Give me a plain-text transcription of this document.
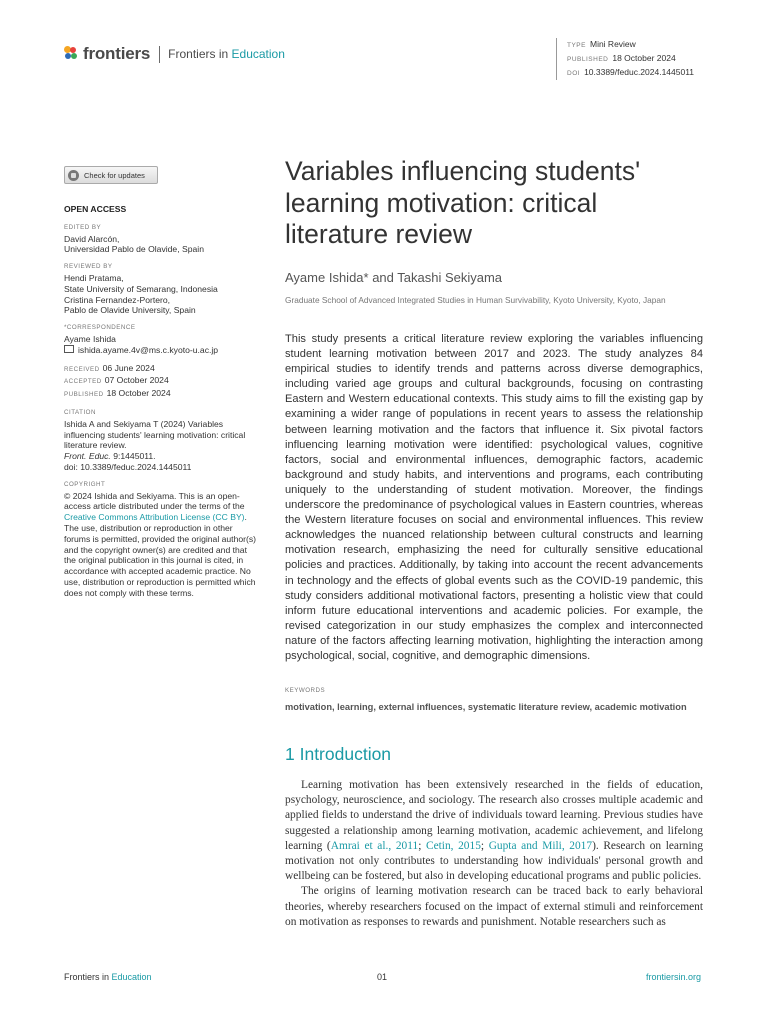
frontiers Frontiers in Education
TYPE Mini Review
PUBLISHED 18 October 2024
DOI 10.3389/feduc.2024.1445011
Check for updates
OPEN ACCESS
EDITED BY
David Alarcón,
Universidad Pablo de Olavide, Spain
REVIEWED BY
Hendi Pratama,
State University of Semarang, Indonesia
Cristina Fernandez-Portero,
Pablo de Olavide University, Spain
*CORRESPONDENCE
Ayame Ishida
ishida.ayame.4v@ms.c.kyoto-u.ac.jp
RECEIVED 06 June 2024
ACCEPTED 07 October 2024
PUBLISHED 18 October 2024
CITATION
Ishida A and Sekiyama T (2024) Variables influencing students' learning motivation: critical literature review.
Front. Educ. 9:1445011.
doi: 10.3389/feduc.2024.1445011
COPYRIGHT
© 2024 Ishida and Sekiyama. This is an open-access article distributed under the terms of the Creative Commons Attribution License (CC BY). The use, distribution or reproduction in other forums is permitted, provided the original author(s) and the copyright owner(s) are credited and that the original publication in this journal is cited, in accordance with accepted academic practice. No use, distribution or reproduction is permitted which does not comply with these terms.
Variables influencing students' learning motivation: critical literature review
Ayame Ishida* and Takashi Sekiyama
Graduate School of Advanced Integrated Studies in Human Survivability, Kyoto University, Kyoto, Japan

This study presents a critical literature review exploring the variables influencing student learning motivation between 2017 and 2023. The study analyzes 84 empirical studies to identify trends and patterns across diverse demographics, including varied age groups and cultural backgrounds, focusing on contrasting Eastern and Western educational contexts. This study aims to fill the existing gap by examining a wider range of populations in recent years to assess the relationship between learning motivation and the factors that influence it. Six pivotal factors influencing learning motivation were identified: psychological values, cognitive factors, social and environmental influences, demographic factors, academic background and study habits, and interventions and programs, each contributing uniquely to the understanding of student motivation. Moreover, the findings underscore the predominance of psychological values in Eastern countries, whereas the Western literature focuses on social and environmental influences. This review acknowledges the nuanced relationship between cultural constructs and learning motivation research, emphasizing the need for culturally sensitive educational policies and practices. Additionally, by taking into account the recent advancements in technology and the effects of global events such as the COVID-19 pandemic, this study considers additional motivational factors, presenting a holistic view that could inform future educational interventions and academic policies. For example, the revised categorization in our study emphasizes the complex and interconnected nature of the factors affecting learning motivation, highlighting the interaction among psychological, social, cognitive, and demographic dimensions.

KEYWORDS

motivation, learning, external influences, systematic literature review, academic motivation

1 Introduction

Learning motivation has been extensively researched in the fields of education, psychology, neuroscience, and sociology. The research also crosses multiple academic and applied fields to understand the drive of individuals toward learning. Previous studies have suggested a relationship among learning motivation, academic achievement, and lifelong learning (Amrai et al., 2011; Cetin, 2015; Gupta and Mili, 2017). Research on learning motivation not only contributes to understanding how individuals' personal growth and wellbeing can be fostered, but also in developing educational programs and public policies.

The origins of learning motivation research can be traced back to early behavioral theories, whereby researchers focused on the impact of external stimuli and reinforcement on motivation as responses to rewards and punishment. Notable researchers such as

Frontiers in Education	01	frontiersin.org
